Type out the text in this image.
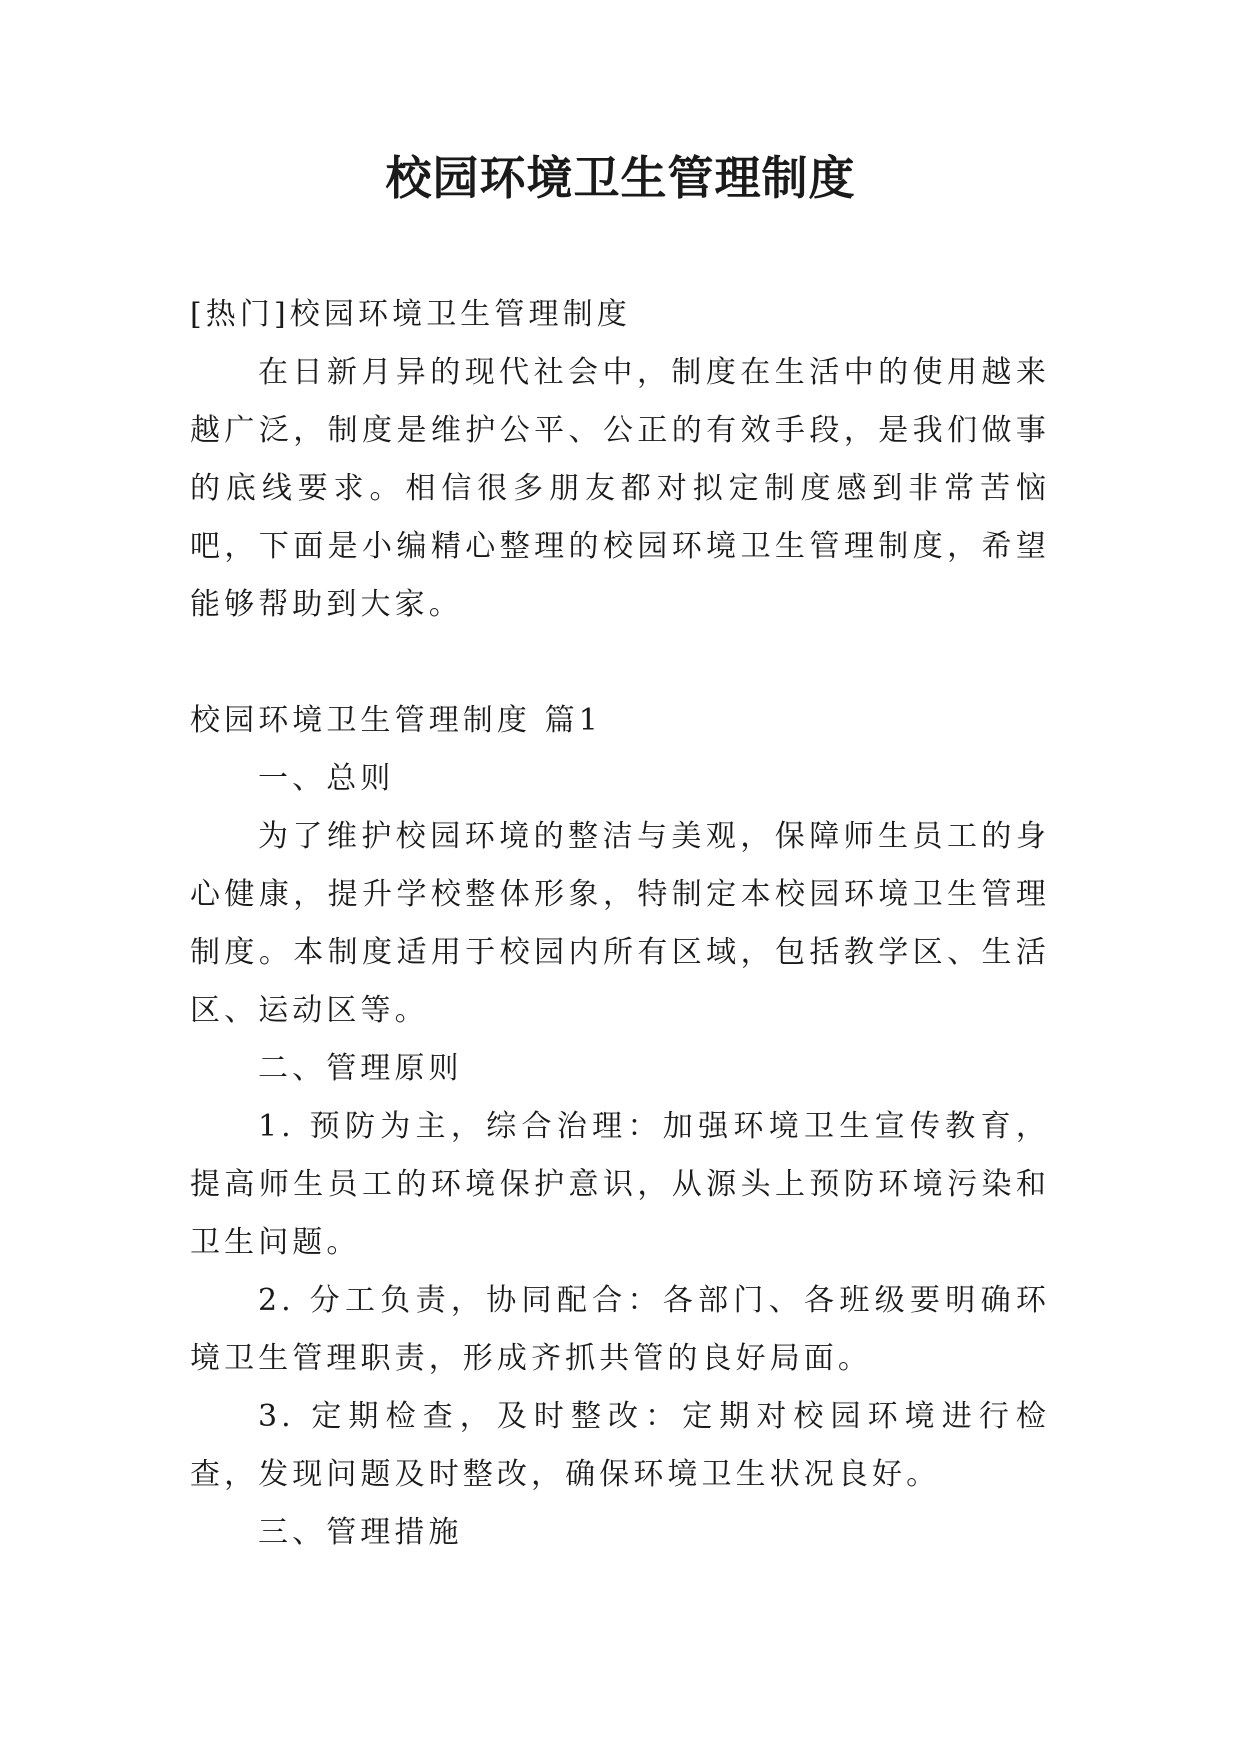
校园环境卫生管理制度

[热门]校园环境卫生管理制度

在日新月异的现代社会中，制度在生活中的使用越来越广泛，制度是维护公平、公正的有效手段，是我们做事的底线要求。相信很多朋友都对拟定制度感到非常苦恼吧，下面是小编精心整理的校园环境卫生管理制度，希望能够帮助到大家。

校园环境卫生管理制度 篇1

一、总则

为了维护校园环境的整洁与美观，保障师生员工的身心健康，提升学校整体形象，特制定本校园环境卫生管理制度。本制度适用于校园内所有区域，包括教学区、生活区、运动区等。

二、管理原则

1. 预防为主，综合治理：加强环境卫生宣传教育，提高师生员工的环境保护意识，从源头上预防环境污染和卫生问题。

2. 分工负责，协同配合：各部门、各班级要明确环境卫生管理职责，形成齐抓共管的良好局面。

3. 定期检查，及时整改：定期对校园环境进行检查，发现问题及时整改，确保环境卫生状况良好。

三、管理措施
